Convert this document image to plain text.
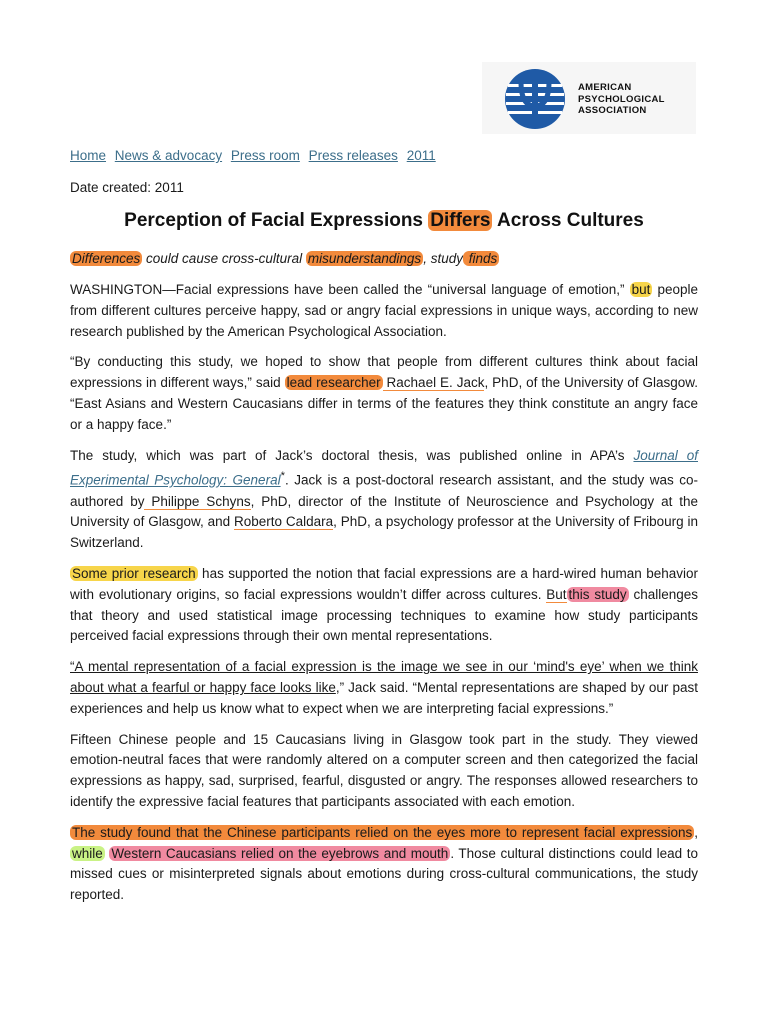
AMERICAN
PSYCHOLOGICAL
ASSOCIATION
Home News & advocacy Press room Press releases 2011
Date created: 2011
Perception of Facial Expressions Differs Across Cultures
Differences could cause cross-cultural misunderstandings , study finds

WASHINGTON—Facial expressions have been called the “universal language of emotion,” but people from different cultures perceive happy, sad or angry facial expressions in unique ways, according to new research published by the American Psychological Association.

“By conducting this study, we hoped to show that people from different cultures think about facial expressions in different ways,” said lead researcher Rachael E. Jack, PhD, of the University of Glasgow. “East Asians and Western Caucasians differ in terms of the features they think constitute an angry face or a happy face.”

The study, which was part of Jack’s doctoral thesis, was published online in APA’s Journal of Experimental Psychology: General*. Jack is a post-doctoral research assistant, and the study was co-authored by Philippe Schyns, PhD, director of the Institute of Neuroscience and Psychology at the University of Glasgow, and Roberto Caldara, PhD, a psychology professor at the University of Fribourg in Switzerland.

Some prior research has supported the notion that facial expressions are a hard-wired human behavior with evolutionary origins, so facial expressions wouldn’t differ across cultures. But this study challenges that theory and used statistical image processing techniques to examine how study participants perceived facial expressions through their own mental representations.

“A mental representation of a facial expression is the image we see in our ‘mind's eye’ when we think about what a fearful or happy face looks like,” Jack said. “Mental representations are shaped by our past experiences and help us know what to expect when we are interpreting facial expressions.”

Fifteen Chinese people and 15 Caucasians living in Glasgow took part in the study. They viewed emotion-neutral faces that were randomly altered on a computer screen and then categorized the facial expressions as happy, sad, surprised, fearful, disgusted or angry. The responses allowed researchers to identify the expressive facial features that participants associated with each emotion.

The study found that the Chinese participants relied on the eyes more to represent facial expressions , while Western Caucasians relied on the eyebrows and mouth . Those cultural distinctions could lead to missed cues or misinterpreted signals about emotions during cross-cultural communications, the study reported.
